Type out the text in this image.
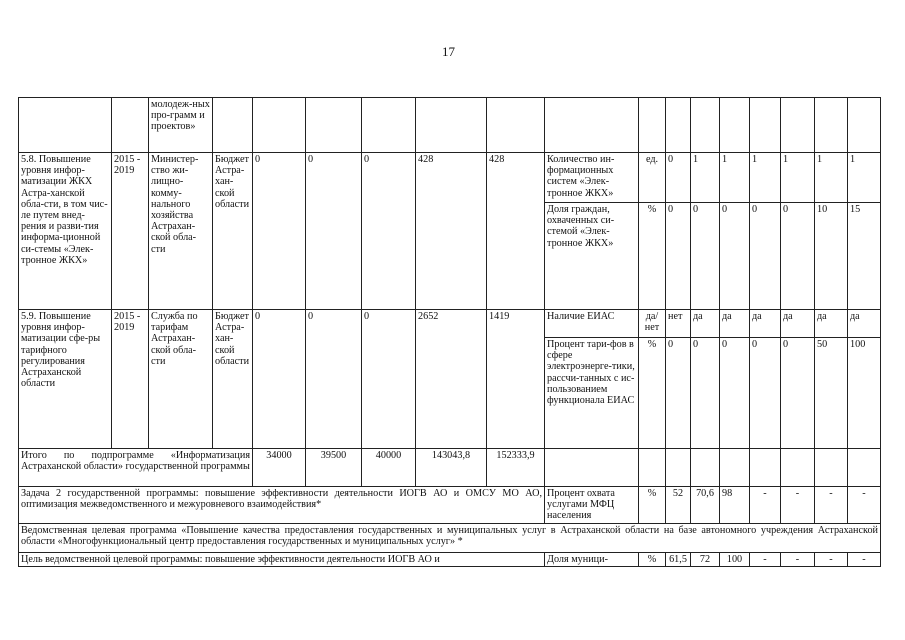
17
		молодеж-ных про-грамм и проектов»															
5.8. Повышение уровня инфор-матизации ЖКХ Астра-ханской обла-сти, в том чис-ле путем внед-рения и разви-тия информа-ционной си-стемы «Элек-тронное ЖКХ»	2015 - 2019	Министер-ство жи-лищно-комму-нального хозяйства Астрахан-ской обла-сти	Бюджет Астра-хан-ской области	0	0	0	428	428	Количество ин-формационных систем «Элек-тронное ЖКХ»	ед.	0	1	1	1	1	1	1
									Доля граждан, охваченных си-стемой «Элек-тронное ЖКХ»	%	0	0	0	0	0	10	15
5.9. Повышение уровня инфор-матизации сфе-ры тарифного регулирования Астраханской области	2015 - 2019	Служба по тарифам Астрахан-ской обла-сти	Бюджет Астра-хан-ской области	0	0	0	2652	1419	Наличие ЕИАС	да/ нет	нет	да	да	да	да	да	да
									Процент тари-фов в сфере электроэнерге-тики, рассчи-танных с ис-пользованием функционала ЕИАС	%	0	0	0	0	0	50	100
Итого по подпрограмме «Информатизация Астраханской области» государственной программы				34000	39500	40000	143043,8	152333,9									
Задача 2 государственной программы: повышение эффективности деятельности ИОГВ АО и ОМСУ МО АО, оптимизация межведомственного и межуровневого взаимодействия*									Процент охвата услугами МФЦ населения	%	52	70,6	98	-	-	-	-
Ведомственная целевая программа «Повышение качества предоставления государственных и муниципальных услуг в Астраханской области на базе автономного учреждения Астраханской области «Многофункциональный центр предоставления государственных и муниципальных услуг» *																	
Цель ведомственной целевой программы: повышение эффективности деятельности ИОГВ АО и									Доля муници-	%	61,5	72	100	-	-	-	-
